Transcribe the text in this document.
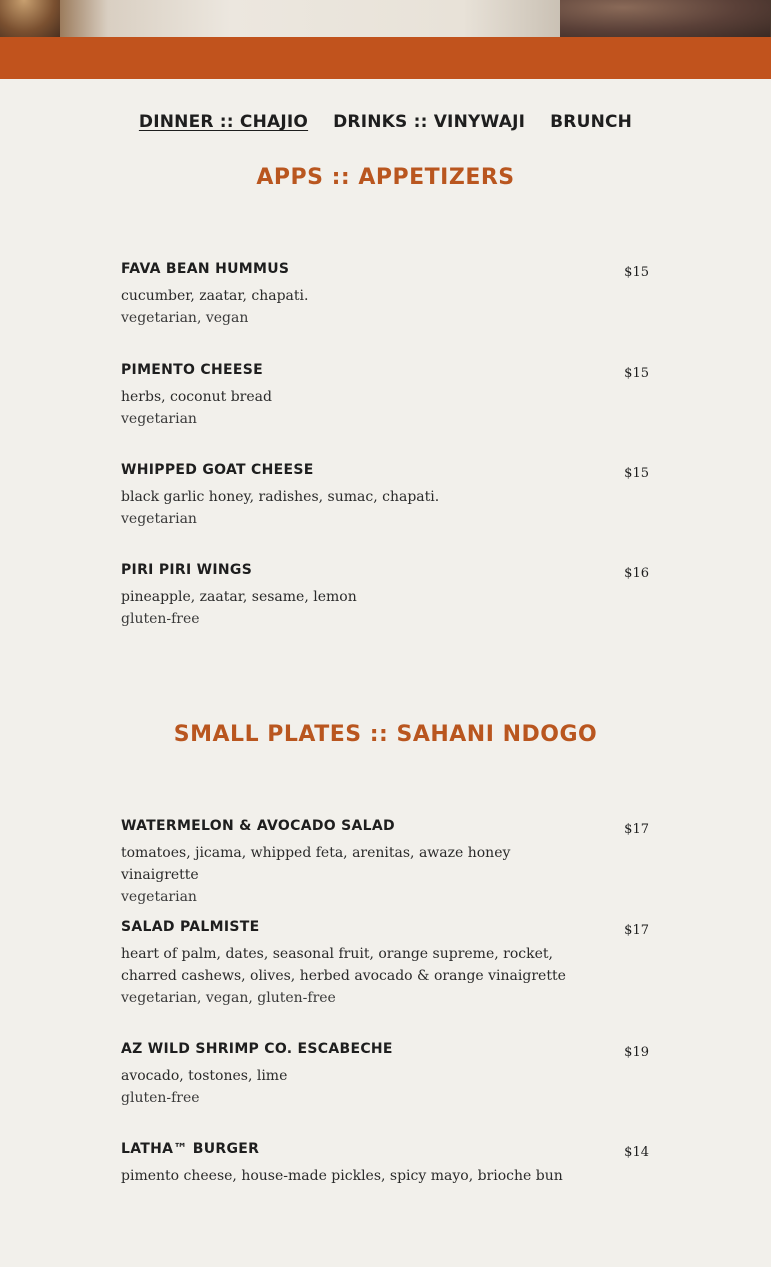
DINNER :: CHAJIO DRINKS :: VINYWAJI BRUNCH
APPS :: APPETIZERS
FAVA BEAN HUMMUS	$15
cucumber, zaatar, chapati.
vegetarian, vegan
PIMENTO CHEESE	$15
herbs, coconut bread
vegetarian
WHIPPED GOAT CHEESE	$15
black garlic honey, radishes, sumac, chapati.
vegetarian
PIRI PIRI WINGS	$16
pineapple, zaatar, sesame, lemon
gluten-free
SMALL PLATES :: SAHANI NDOGO
WATERMELON & AVOCADO SALAD	$17
tomatoes, jicama, whipped feta, arenitas, awaze honey vinaigrette
vegetarian
SALAD PALMISTE	$17
heart of palm, dates, seasonal fruit, orange supreme, rocket, charred cashews, olives, herbed avocado & orange vinaigrette
vegetarian, vegan, gluten-free
AZ WILD SHRIMP CO. ESCABECHE	$19
avocado, tostones, lime
gluten-free
LATHA™ BURGER	$14
pimento cheese, house-made pickles, spicy mayo, brioche bun
